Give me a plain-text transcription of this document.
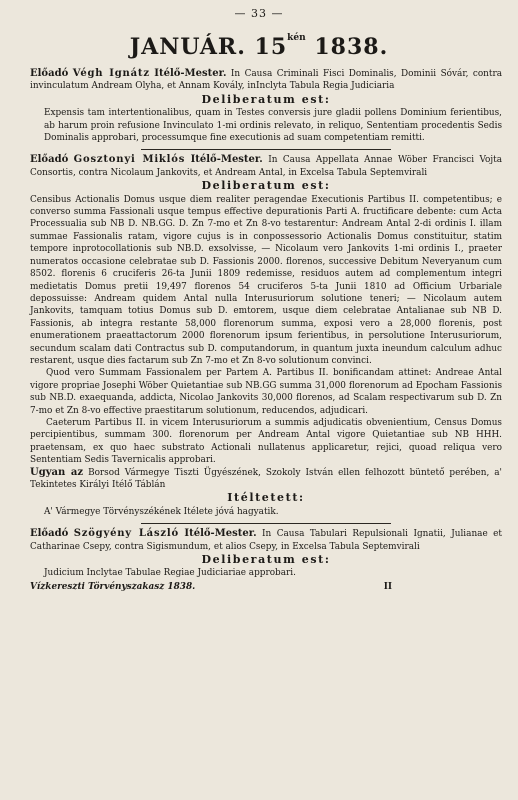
— 33 —
JANUÁR. $15^{kén}$ 1838.

Előadó Végh Ignátz Itélő-Mester. In Causa Criminali Fisci Dominalis, Dominii Sóvár, contra invinculatum Andream Olyha, et Annam Kovály, inInclyta Tabula Regia Judiciaria

Deliberatum est:

Expensis tam intertentionalibus, quam in Testes conversis jure gladii pollens Dominium ferientibus, ab harum proin refusione Invinculato 1-mi ordinis relevato, in reliquo, Sententiam procedentis Sedis Dominalis approbari, processumque fine executionis ad suam competentiam remitti.

Előadó Gosztonyi Miklós Itélő-Mester. In Causa Appellata Annae Wöber Francisci Vojta Consortis, contra Nicolaum Jankovits, et Andream Antal, in Excelsa Tabula Septemvirali

Deliberatum est:

Censibus Actionalis Domus usque diem realiter peragendae Executionis Partibus II. competentibus; e converso summa Fassionali usque tempus effective depurationis Parti A. fructificare debente: cum Acta Processualia sub NB D. NB.GG. D. Zn 7-mo et Zn 8-vo testarentur: Andream Antal 2-di ordinis I. illam summae Fassionalis ratam, vigore cujus is in conpossessorio Actionalis Domus constituitur, statim tempore inprotocollationis sub NB.D. exsolvisse, — Nicolaum vero Jankovits 1-mi ordinis I., praeter numeratos occasione celebratae sub D. Fassionis 2000. florenos, successive Debitum Neveryanum cum 8502. florenis 6 cruciferis 26-ta Junii 1809 redemisse, residuos autem ad complementum integri medietatis Domus pretii 19,497 florenos 54 cruciferos 5-ta Junii 1810 ad Officium Urbariale depossuisse: Andream quidem Antal nulla Interusuriorum solutione teneri; — Nicolaum autem Jankovits, tamquam totius Domus sub D. emtorem, usque diem celebratae Antalianae sub NB D. Fassionis, ab integra restante 58,000 florenorum summa, exposi vero a 28,000 florenis, post enumerationem praeattactorum 2000 florenorum ipsum ferientibus, in persolutione Interusuriorum, secundum scalam dati Contractus sub D. computandorum, in quantum juxta ineundum calculum adhuc restarent, usque dies factarum sub Zn 7-mo et Zn 8-vo solutionum convinci.

Quod vero Summam Fassionalem per Partem A. Partibus II. bonificandam attinet: Andreae Antal vigore propriae Josephi Wöber Quietantiae sub NB.GG summa 31,000 florenorum ad Epocham Fassionis sub NB.D. exaequanda, addicta, Nicolao Jankovits 30,000 florenos, ad Scalam respectivarum sub D. Zn 7-mo et Zn 8-vo effective praestitarum solutionum, reducendos, adjudicari.

Caeterum Partibus II. in vicem Interusuriorum a summis adjudicatis obvenientium, Census Domus percipientibus, summam 300. florenorum per Andream Antal vigore Quietantiae sub NB HHH. praetensam, ex quo haec substrato Actionali nullatenus applicaretur, rejici, quoad reliqua vero Sententiam Sedis Tavernicalis approbari.

Ugyan az Borsod Vármegye Tiszti Ügyészének, Szokoly István ellen felhozott büntető perében, a' Tekintetes Királyi Itélő Táblán

Itéltetett:

A' Vármegye Törvényszékének Itélete jóvá hagyatik.

Előadó Szögyény László Itélő-Mester. In Causa Tabulari Repulsionali Ignatii, Julianae et Catharinae Csepy, contra Sigismundum, et alios Csepy, in Excelsa Tabula Septemvirali

Deliberatum est:

Judicium Inclytae Tabulae Regiae Judiciariae approbari.

Vízkereszti Törvényszakasz 1838.	II
